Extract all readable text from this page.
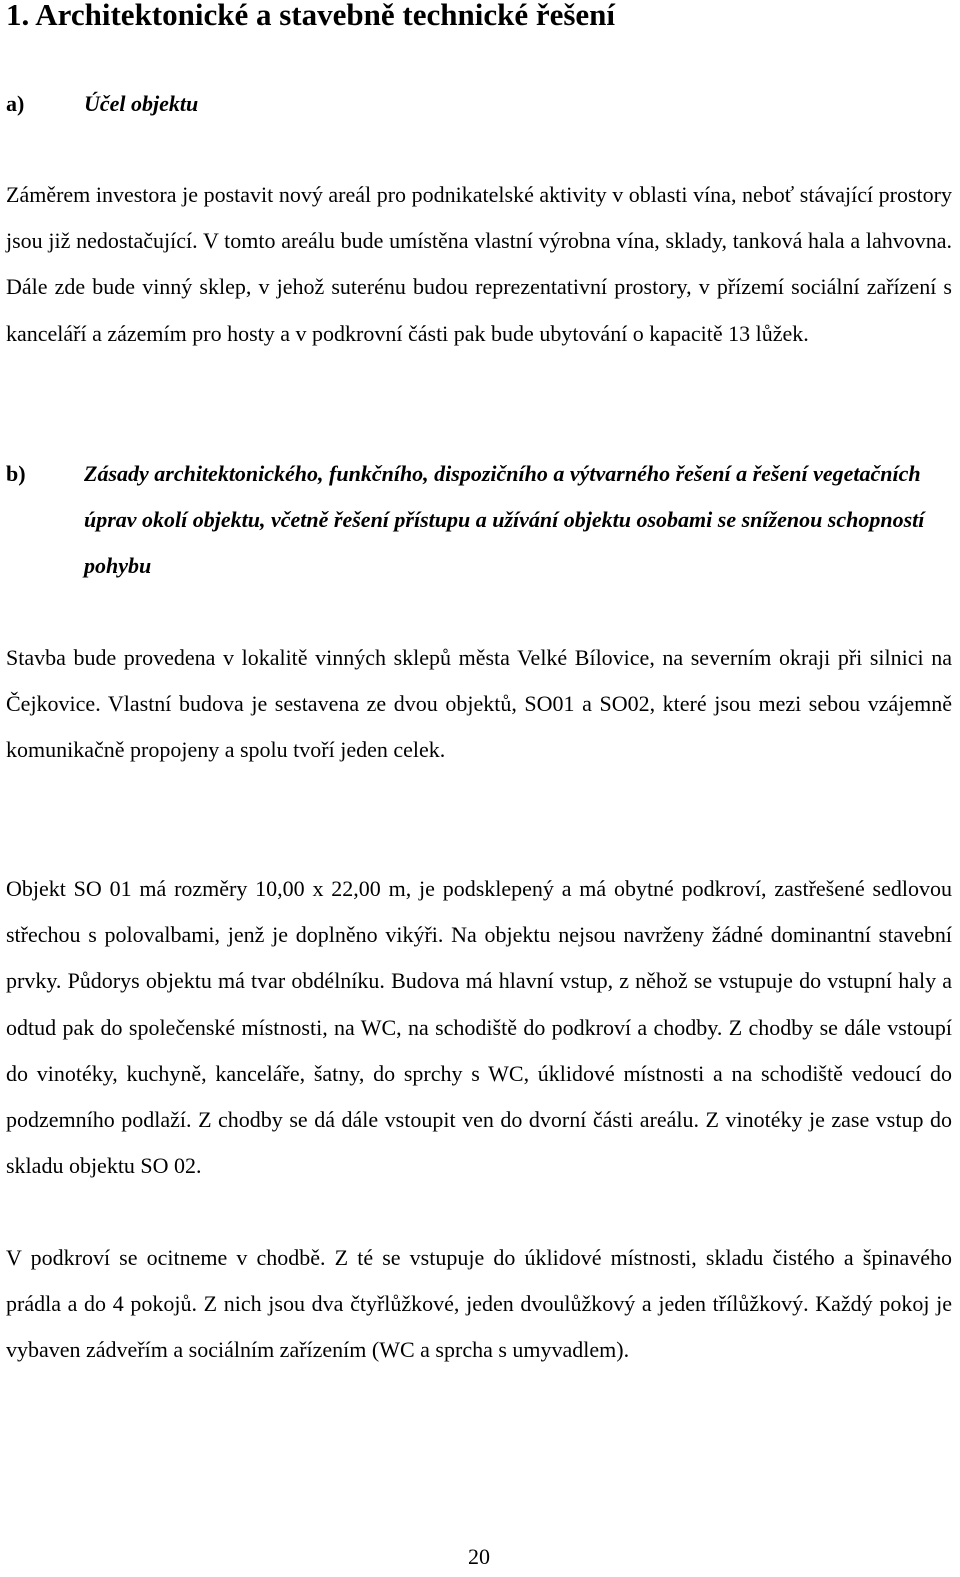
1. Architektonické a stavebně technické řešení
a)	Účel objektu

Záměrem investora je postavit nový areál pro podnikatelské aktivity v oblasti vína, neboť stávající prostory jsou již nedostačující. V tomto areálu bude umístěna vlastní výrobna vína, sklady, tanková hala a lahvovna. Dále zde bude vinný sklep, v jehož suterénu budou reprezentativní prostory, v přízemí sociální zařízení s kanceláří a zázemím pro hosty a v podkrovní části pak bude ubytování o kapacitě 13 lůžek.

b)	Zásady architektonického, funkčního, dispozičního a výtvarného řešení a řešení vegetačních úprav okolí objektu, včetně řešení přístupu a užívání objektu osobami se sníženou schopností pohybu

Stavba bude provedena v lokalitě vinných sklepů města Velké Bílovice, na severním okraji při silnici na Čejkovice. Vlastní budova je sestavena ze dvou objektů, SO01 a SO02, které jsou mezi sebou vzájemně komunikačně propojeny a spolu tvoří jeden celek.

Objekt SO 01 má rozměry 10,00 x 22,00 m, je podsklepený a má obytné podkroví, zastřešené sedlovou střechou s polovalbami, jenž je doplněno vikýři. Na objektu nejsou navrženy žádné dominantní stavební prvky. Půdorys objektu má tvar obdélníku. Budova má hlavní vstup, z něhož se vstupuje do vstupní haly a odtud pak do společenské místnosti, na WC, na schodiště do podkroví a chodby. Z chodby se dále vstoupí do vinotéky, kuchyně, kanceláře, šatny, do sprchy s WC, úklidové místnosti a na schodiště vedoucí do podzemního podlaží. Z chodby se dá dále vstoupit ven do dvorní části areálu. Z vinotéky je zase vstup do skladu objektu SO 02.

V podkroví se ocitneme v chodbě. Z té se vstupuje do úklidové místnosti, skladu čistého a špinavého prádla a do 4 pokojů. Z nich jsou dva čtyřlůžkové, jeden dvoulůžkový a jeden třílůžkový. Každý pokoj je vybaven zádveřím a sociálním zařízením (WC a sprcha s umyvadlem).

20
